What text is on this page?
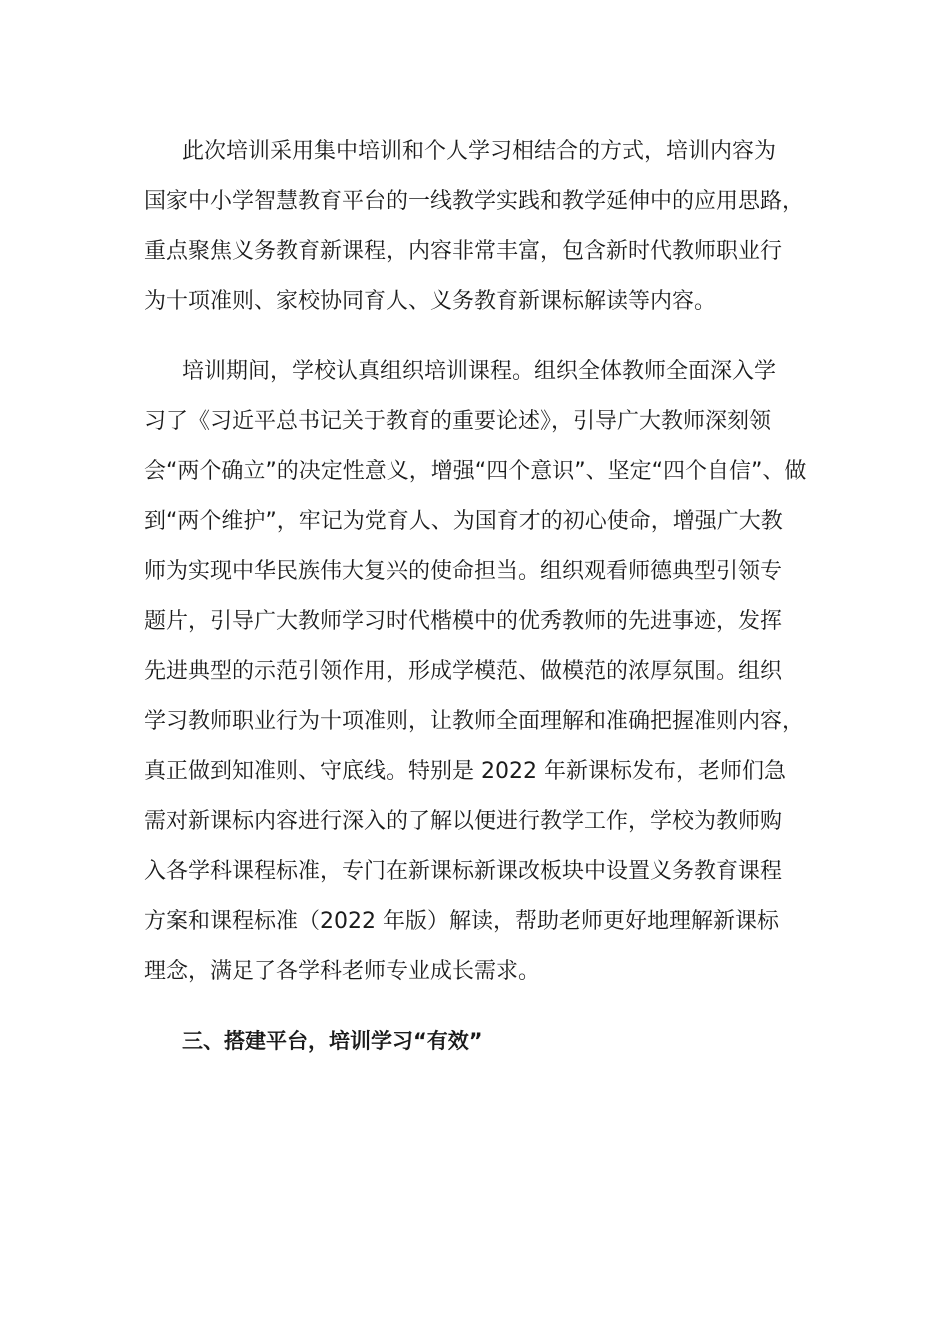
此次培训采用集中培训和个人学习相结合的方式，培训内容为
国家中小学智慧教育平台的一线教学实践和教学延伸中的应用思路，
重点聚焦义务教育新课程，内容非常丰富，包含新时代教师职业行
为十项准则、家校协同育人、义务教育新课标解读等内容。
培训期间，学校认真组织培训课程。组织全体教师全面深入学
习了《习近平总书记关于教育的重要论述》，引导广大教师深刻领
会“两个确立”的决定性意义，增强“四个意识”、坚定“四个自信”、做
到“两个维护”，牢记为党育人、为国育才的初心使命，增强广大教
师为实现中华民族伟大复兴的使命担当。组织观看师德典型引领专
题片，引导广大教师学习时代楷模中的优秀教师的先进事迹，发挥
先进典型的示范引领作用，形成学模范、做模范的浓厚氛围。组织
学习教师职业行为十项准则，让教师全面理解和准确把握准则内容，
真正做到知准则、守底线。特别是 2022 年新课标发布，老师们急
需对新课标内容进行深入的了解以便进行教学工作，学校为教师购
入各学科课程标准，专门在新课标新课改板块中设置义务教育课程
方案和课程标准（2022 年版）解读，帮助老师更好地理解新课标
理念，满足了各学科老师专业成长需求。
三、搭建平台，培训学习“有效”
